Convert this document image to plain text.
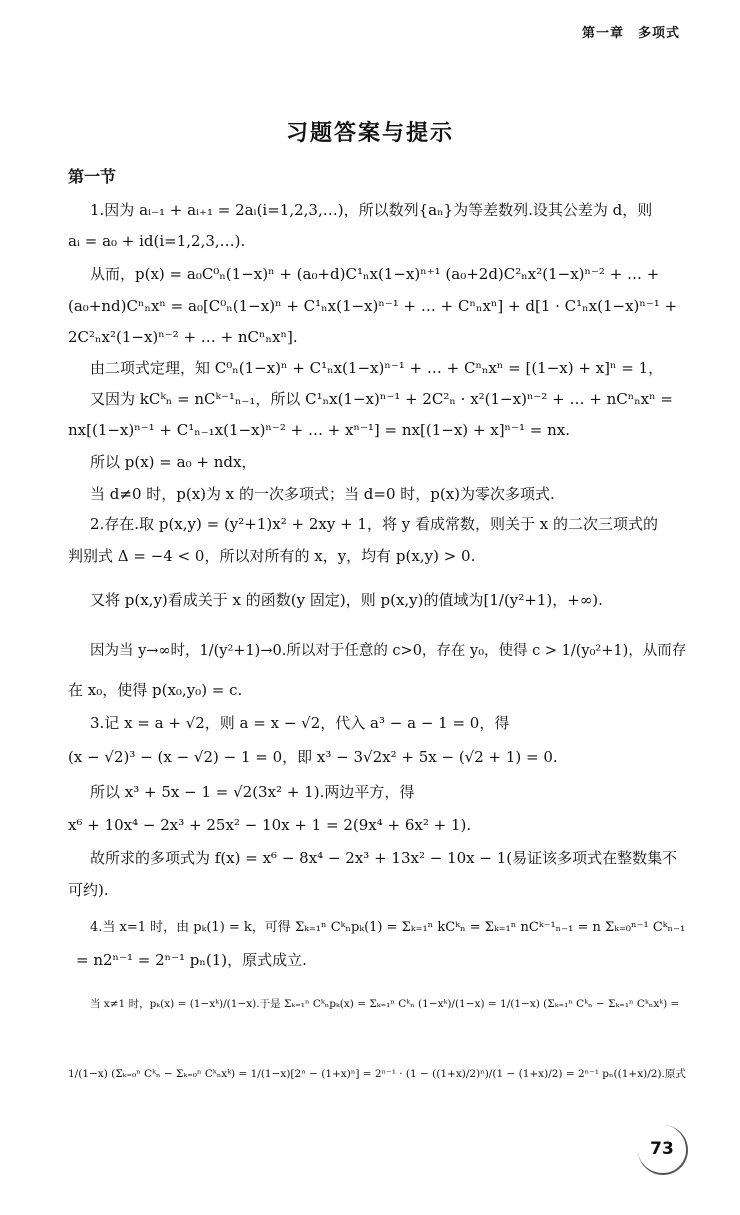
第一章 多项式
习题答案与提示
第一节
1.因为 aᵢ₋₁ + aᵢ₊₁ = 2aᵢ(i=1,2,3,…)，所以数列{aₙ}为等差数列.设其公差为 d，则
aᵢ = a₀ + id(i=1,2,3,…).
从而，p(x) = a₀C⁰ₙ(1−x)ⁿ + (a₀+d)C¹ₙx(1−x)ⁿ⁺¹ (a₀+2d)C²ₙx²(1−x)ⁿ⁻² + … +
(a₀+nd)Cⁿₙxⁿ = a₀[C⁰ₙ(1−x)ⁿ + C¹ₙx(1−x)ⁿ⁻¹ + … + Cⁿₙxⁿ] + d[1 · C¹ₙx(1−x)ⁿ⁻¹ +
2C²ₙx²(1−x)ⁿ⁻² + … + nCⁿₙxⁿ].
由二项式定理，知 C⁰ₙ(1−x)ⁿ + C¹ₙx(1−x)ⁿ⁻¹ + … + Cⁿₙxⁿ = [(1−x) + x]ⁿ = 1，
又因为 kCᵏₙ = nCᵏ⁻¹ₙ₋₁，所以 C¹ₙx(1−x)ⁿ⁻¹ + 2C²ₙ · x²(1−x)ⁿ⁻² + … + nCⁿₙxⁿ =
nx[(1−x)ⁿ⁻¹ + C¹ₙ₋₁x(1−x)ⁿ⁻² + … + xⁿ⁻¹] = nx[(1−x) + x]ⁿ⁻¹ = nx.
所以 p(x) = a₀ + ndx，
当 d≠0 时，p(x)为 x 的一次多项式；当 d=0 时，p(x)为零次多项式.
2.存在.取 p(x,y) = (y²+1)x² + 2xy + 1，将 y 看成常数，则关于 x 的二次三项式的
判别式 Δ = −4 < 0，所以对所有的 x，y，均有 p(x,y) > 0.
又将 p(x,y)看成关于 x 的函数(y 固定)，则 p(x,y)的值域为[1/(y²+1)，+∞).
因为当 y→∞时，1/(y²+1)→0.所以对于任意的 c>0，存在 y₀，使得 c > 1/(y₀²+1)，从而存
在 x₀，使得 p(x₀,y₀) = c.
3.记 x = a + √2，则 a = x − √2，代入 a³ − a − 1 = 0，得
(x − √2)³ − (x − √2) − 1 = 0，即 x³ − 3√2x² + 5x − (√2 + 1) = 0.
所以 x³ + 5x − 1 = √2(3x² + 1).两边平方，得
x⁶ + 10x⁴ − 2x³ + 25x² − 10x + 1 = 2(9x⁴ + 6x² + 1).
故所求的多项式为 f(x) = x⁶ − 8x⁴ − 2x³ + 13x² − 10x − 1(易证该多项式在整数集不
可约).
4.当 x=1 时，由 pₖ(1) = k，可得 Σₖ₌₁ⁿ Cᵏₙpₖ(1) = Σₖ₌₁ⁿ kCᵏₙ = Σₖ₌₁ⁿ nCᵏ⁻¹ₙ₋₁ = n Σₖ₌₀ⁿ⁻¹ Cᵏₙ₋₁
= n2ⁿ⁻¹ = 2ⁿ⁻¹ pₙ(1)，原式成立.
当 x≠1 时，pₖ(x) = (1−xᵏ)/(1−x).于是 Σₖ₌₁ⁿ Cᵏₙpₖ(x) = Σₖ₌₁ⁿ Cᵏₙ (1−xᵏ)/(1−x) = 1/(1−x) (Σₖ₌₁ⁿ Cᵏₙ − Σₖ₌₁ⁿ Cᵏₙxᵏ) =
1/(1−x) (Σₖ₌₀ⁿ Cᵏₙ − Σₖ₌₀ⁿ Cᵏₙxᵏ) = 1/(1−x)[2ⁿ − (1+x)ⁿ] = 2ⁿ⁻¹ · (1 − ((1+x)/2)ⁿ)/(1 − (1+x)/2) = 2ⁿ⁻¹ pₙ((1+x)/2).原式
73
